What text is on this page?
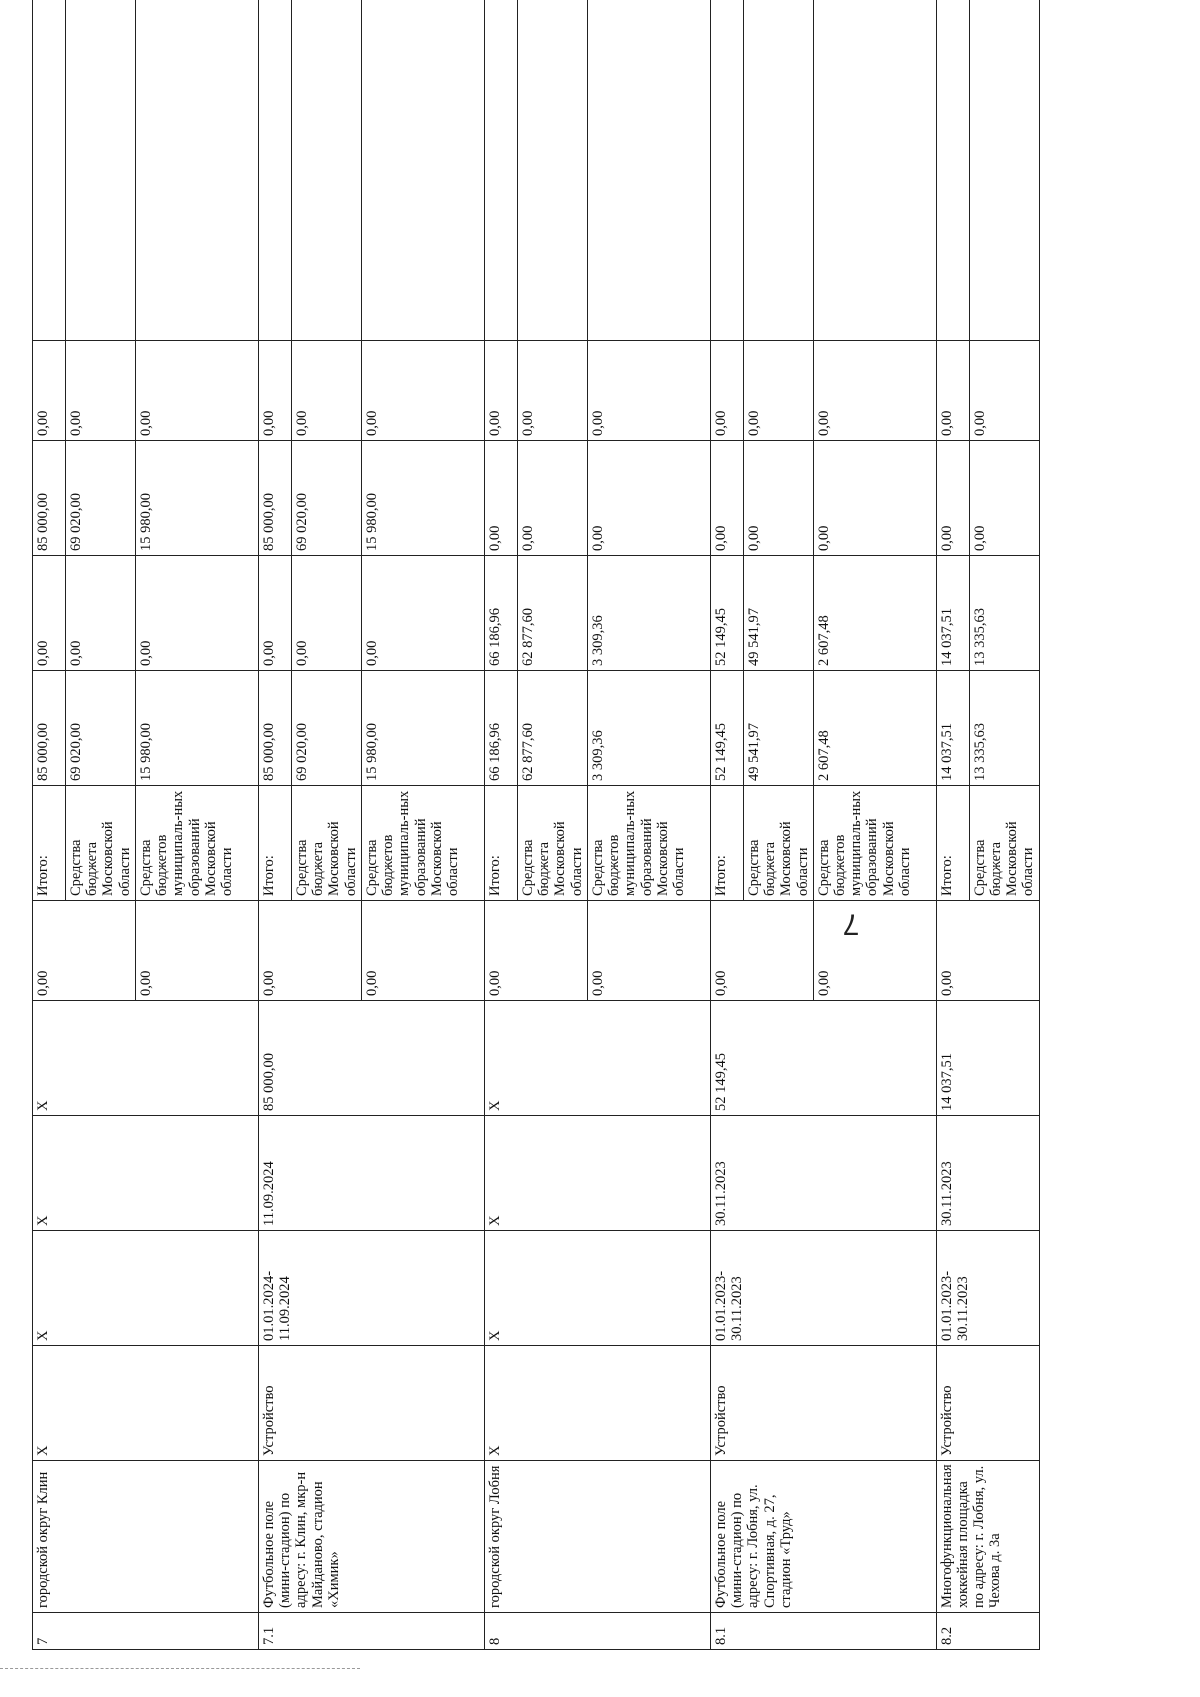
7	городской округ Клин	X	X	X	X	0,00	Итого:	85 000,00	0,00	85 000,00	0,00	
							Средства бюджета Московской области	69 020,00	0,00	69 020,00	0,00	
						0,00	Средства бюджетов муниципаль-ных образований Московской области	15 980,00	0,00	15 980,00	0,00	
7.1	Футбольное поле (мини-стадион) по адресу: г. Клин, мкр-н Майданово, стадион «Химик»	Устройство	01.01.2024-11.09.2024	11.09.2024	85 000,00	0,00	Итого:	85 000,00	0,00	85 000,00	0,00	
							Средства бюджета Московской области	69 020,00	0,00	69 020,00	0,00	
						0,00	Средства бюджетов муниципаль-ных образований Московской области	15 980,00	0,00	15 980,00	0,00	
8	городской округ Лобня	X	X	X	X	0,00	Итого:	66 186,96	66 186,96	0,00	0,00	
							Средства бюджета Московской области	62 877,60	62 877,60	0,00	0,00	
						0,00	Средства бюджетов муниципаль-ных образований Московской области	3 309,36	3 309,36	0,00	0,00	
8.1	Футбольное поле (мини-стадион) по адресу: г. Лобня, ул. Спортивная, д. 27, стадион «Труд»	Устройство	01.01.2023-30.11.2023	30.11.2023	52 149,45	0,00	Итого:	52 149,45	52 149,45	0,00	0,00	
							Средства бюджета Московской области	49 541,97	49 541,97	0,00	0,00	
						0,00	Средства бюджетов муниципаль-ных образований Московской области	2 607,48	2 607,48	0,00	0,00	
8.2	Многофункциональная хоккейная площадка по адресу: г. Лобня, ул. Чехова д. 3а	Устройство	01.01.2023-30.11.2023	30.11.2023	14 037,51	0,00	Итого:	14 037,51	14 037,51	0,00	0,00	
							Средства бюджета Московской области	13 335,63	13 335,63	0,00	0,00	
7
